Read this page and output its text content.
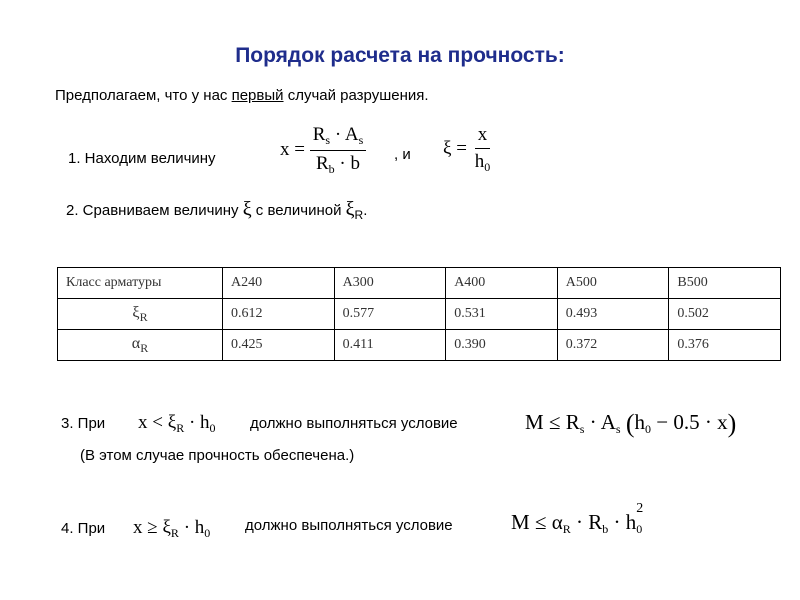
Порядок расчета на прочность:
Предполагаем, что у нас первый случай разрушения.
1. Находим величину	$x = \frac{R_s \cdot A_s}{R_b \cdot b}$ , и $\xi = \frac{x}{h_0}$
2. Сравниваем величину ξ с величиной $\xi_R$.
Класс арматуры	А240	А300	А400	А500	В500
ξR	0.612	0.577	0.531	0.493	0.502
αR	0.425	0.411	0.390	0.372	0.376
3. При $x < \xi_R \cdot h_0$ должно выполняться условие	$M \le R_s \cdot A_s$ $(h_0 - 0.5 \cdot x)$
(В этом случае прочность обеспечена.)
4. При $x \ge \xi_R \cdot h_0$ должно выполняться условие	$M \le \alpha_R \cdot R_b \cdot h_0$
2
